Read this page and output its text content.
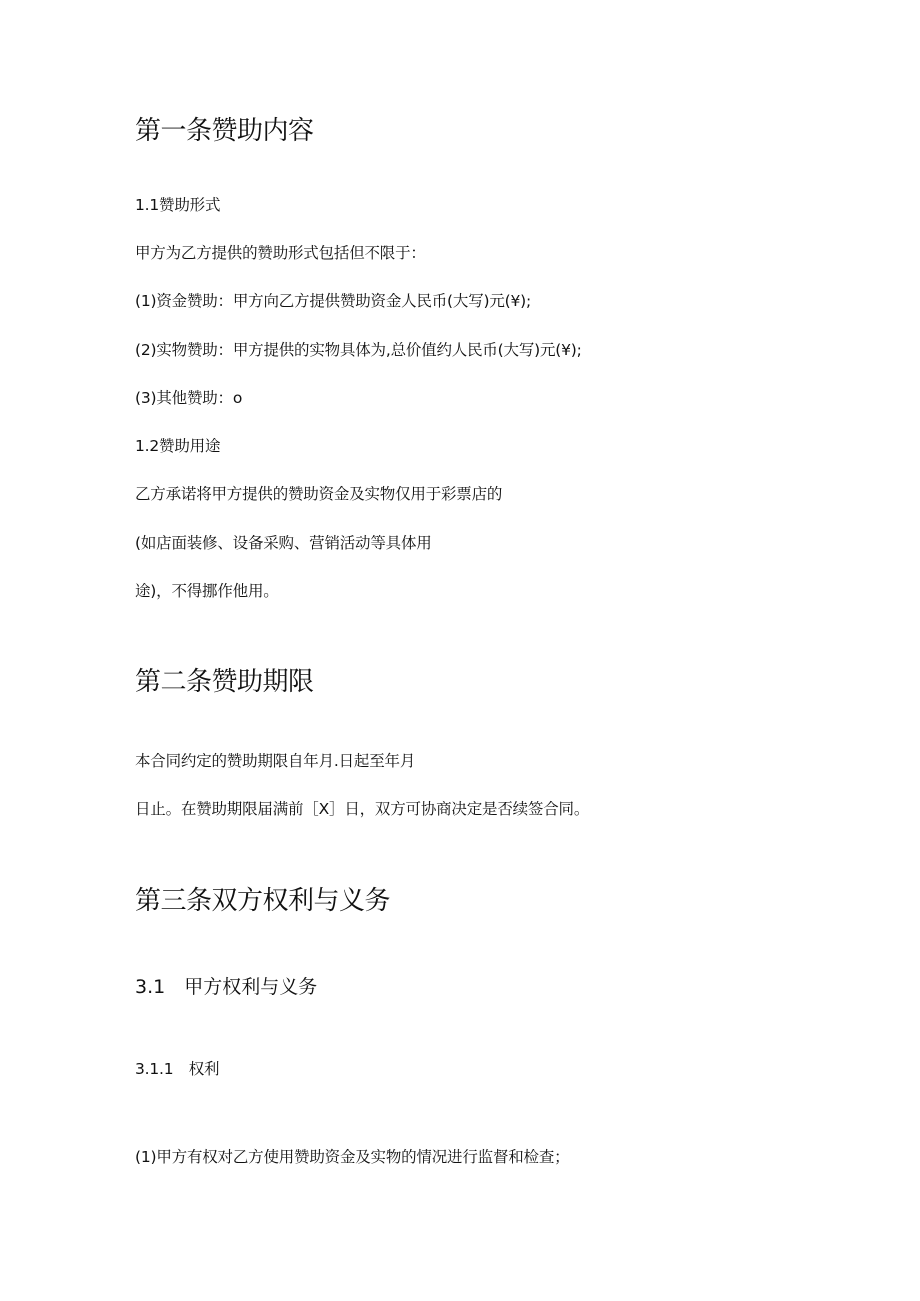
第一条赞助内容

1.1赞助形式

甲方为乙方提供的赞助形式包括但不限于：

(1)资金赞助：甲方向乙方提供赞助资金人民币(大写)元(¥);

(2)实物赞助：甲方提供的实物具体为,总价值约人民币(大写)元(¥);

(3)其他赞助：o

1.2赞助用途

乙方承诺将甲方提供的赞助资金及实物仅用于彩票店的

(如店面装修、设备采购、营销活动等具体用

途)，不得挪作他用。

第二条赞助期限

本合同约定的赞助期限自年月.日起至年月

日止。在赞助期限届满前［X］日，双方可协商决定是否续签合同。

第三条双方权利与义务
3.1　甲方权利与义务

3.1.1　权利

(1)甲方有权对乙方使用赞助资金及实物的情况进行监督和检查；
